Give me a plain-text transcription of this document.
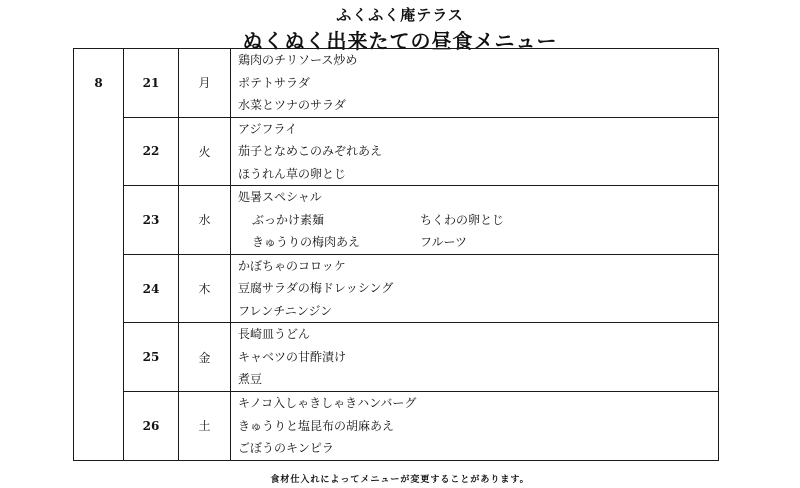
ふくふく庵テラス
ぬくぬく出来たての昼食メニュー
8	21	月	鶏肉のチリソース炒め
ポテトサラダ
水菜とツナのサラダ

	22	火	アジフライ
茄子となめこのみぞれあえ
ほうれん草の卵とじ

	23	水	処暑スペシャル
ぶっかけ素麺 ちくわの卵とじ
きゅうりの梅肉あえ フルーツ

	24	木	かぼちゃのコロッケ
豆腐サラダの梅ドレッシング
フレンチニンジン

	25	金	長崎皿うどん
キャベツの甘酢漬け
煮豆

	26	土	キノコ入しゃきしゃきハンバーグ
きゅうりと塩昆布の胡麻あえ
ごぼうのキンピラ
食材仕入れによってメニューが変更することがあります。
